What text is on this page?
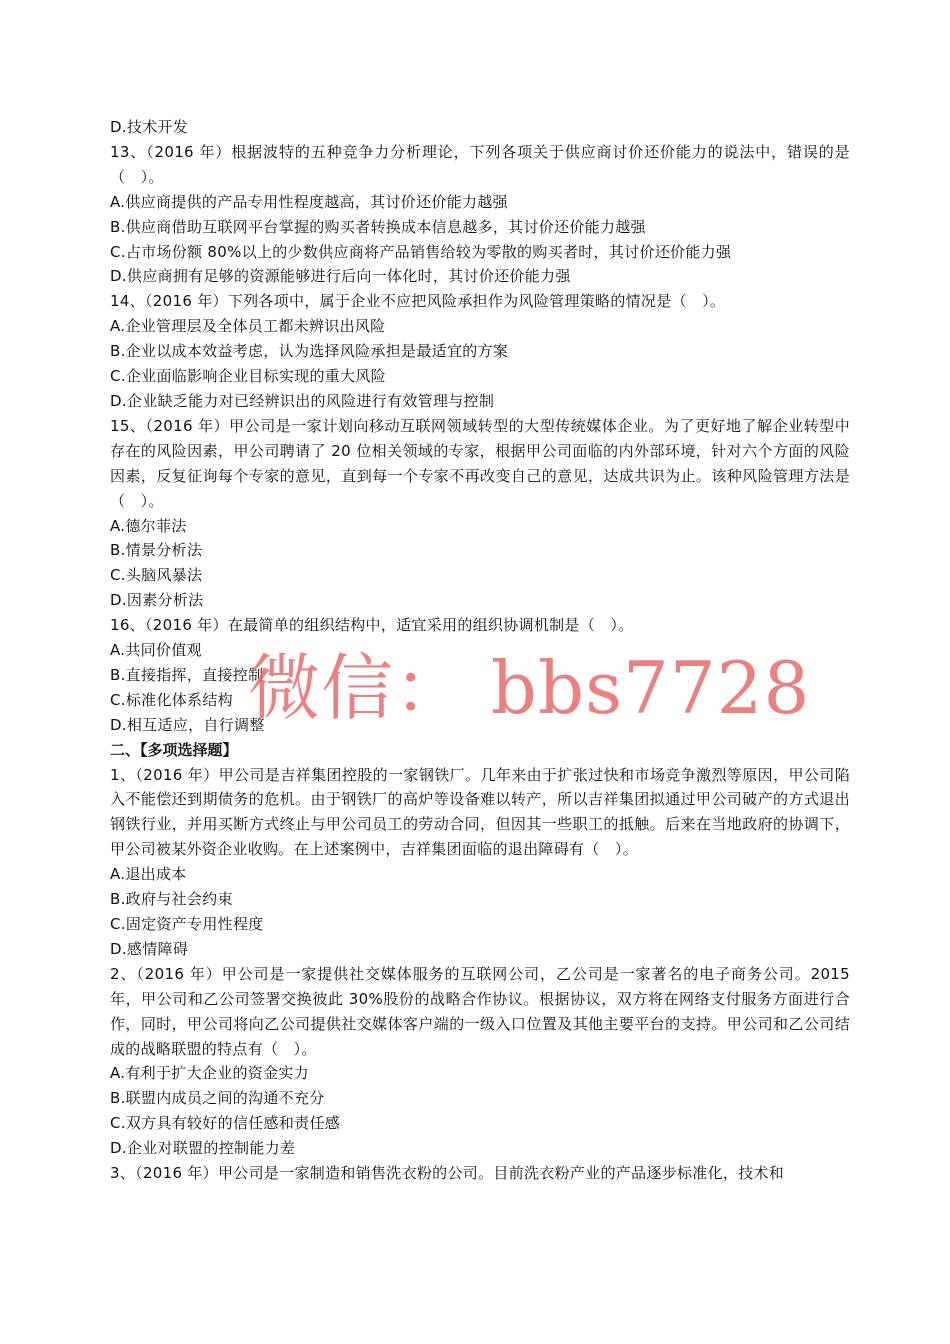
D.技术开发
13、（2016 年）根据波特的五种竞争力分析理论，下列各项关于供应商讨价还价能力的说法中，错误的是（　）。
A.供应商提供的产品专用性程度越高，其讨价还价能力越强
B.供应商借助互联网平台掌握的购买者转换成本信息越多，其讨价还价能力越强
C.占市场份额 80%以上的少数供应商将产品销售给较为零散的购买者时，其讨价还价能力强
D.供应商拥有足够的资源能够进行后向一体化时，其讨价还价能力强
14、（2016 年）下列各项中，属于企业不应把风险承担作为风险管理策略的情况是（　）。
A.企业管理层及全体员工都未辨识出风险
B.企业以成本效益考虑，认为选择风险承担是最适宜的方案
C.企业面临影响企业目标实现的重大风险
D.企业缺乏能力对已经辨识出的风险进行有效管理与控制
15、（2016 年）甲公司是一家计划向移动互联网领域转型的大型传统媒体企业。为了更好地了解企业转型中存在的风险因素，甲公司聘请了 20 位相关领域的专家，根据甲公司面临的内外部环境，针对六个方面的风险因素，反复征询每个专家的意见，直到每一个专家不再改变自己的意见，达成共识为止。该种风险管理方法是（　）。
A.德尔菲法
B.情景分析法
C.头脑风暴法
D.因素分析法
16、（2016 年）在最简单的组织结构中，适宜采用的组织协调机制是（　）。
A.共同价值观
B.直接指挥，直接控制
C.标准化体系结构
D.相互适应，自行调整
二、【多项选择题】
1、（2016 年）甲公司是吉祥集团控股的一家钢铁厂。几年来由于扩张过快和市场竞争激烈等原因，甲公司陷入不能偿还到期债务的危机。由于钢铁厂的高炉等设备难以转产，所以吉祥集团拟通过甲公司破产的方式退出钢铁行业，并用买断方式终止与甲公司员工的劳动合同，但因其一些职工的抵触。后来在当地政府的协调下，甲公司被某外资企业收购。在上述案例中，吉祥集团面临的退出障碍有（　）。
A.退出成本
B.政府与社会约束
C.固定资产专用性程度
D.感情障碍
2、（2016 年）甲公司是一家提供社交媒体服务的互联网公司，乙公司是一家著名的电子商务公司。2015 年，甲公司和乙公司签署交换彼此 30%股份的战略合作协议。根据协议，双方将在网络支付服务方面进行合作，同时，甲公司将向乙公司提供社交媒体客户端的一级入口位置及其他主要平台的支持。甲公司和乙公司结成的战略联盟的特点有（　）。
A.有利于扩大企业的资金实力
B.联盟内成员之间的沟通不充分
C.双方具有较好的信任感和责任感
D.企业对联盟的控制能力差
3、（2016 年）甲公司是一家制造和销售洗衣粉的公司。目前洗衣粉产业的产品逐步标准化，技术和
微信： bbs7728
